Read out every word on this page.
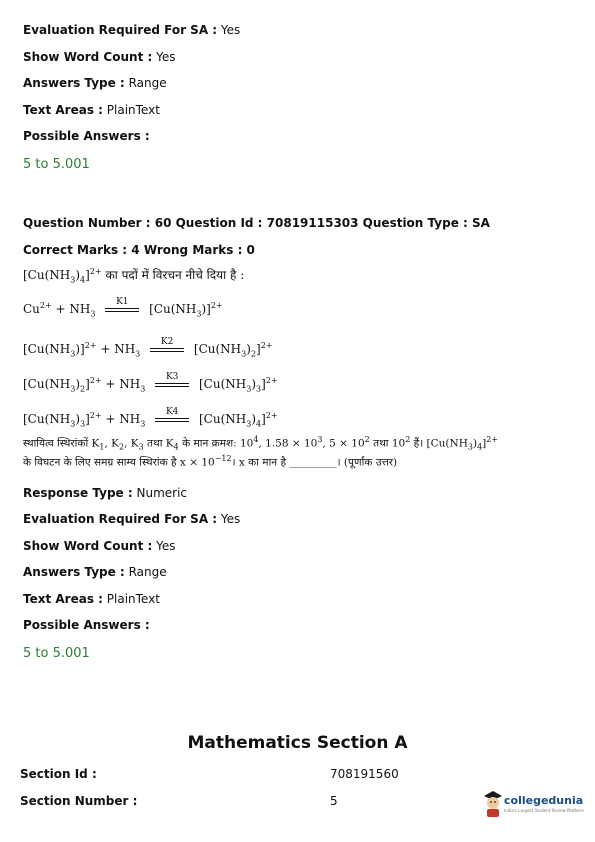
Evaluation Required For SA : Yes
Show Word Count : Yes
Answers Type : Range
Text Areas : PlainText
Possible Answers :
5 to 5.001
Question Number : 60 Question Id : 70819115303 Question Type : SA
Correct Marks : 4 Wrong Marks : 0
$[Cu(NH_3)_4]^{2+}$ का पदों में विरचन नीचे दिया है :
$Cu^{2+} + NH_3$
K1
$[Cu(NH_3)]^{2+}$
$[Cu(NH_3)]^{2+} + NH_3$
K2
$[Cu(NH_3)_2]^{2+}$
$[Cu(NH_3)_2]^{2+} + NH_3$
K3
$[Cu(NH_3)_3]^{2+}$
$[Cu(NH_3)_3]^{2+} + NH_3$
K4
$[Cu(NH_3)_4]^{2+}$
स्थायित्व स्थिरांकों $K_1$, $K_2$, $K_3$ तथा $K_4$ के मान क्रमश: $10^4$, $1.58 \times 10^3$, $5 \times 10^2$ तथा $10^2$ हैं। $[Cu(NH_3)_4]^{2+}$
के विघटन के लिए समग्र साम्य स्थिरांक है $x \times 10^{-12}।$ x का मान है _________। (पूर्णांक उत्तर)
Response Type : Numeric
Evaluation Required For SA : Yes
Show Word Count : Yes
Answers Type : Range
Text Areas : PlainText
Possible Answers :
5 to 5.001
Mathematics Section A
Section Id :	708191560
Section Number :	5	collegedunia
India's Largest Student Review Platform
